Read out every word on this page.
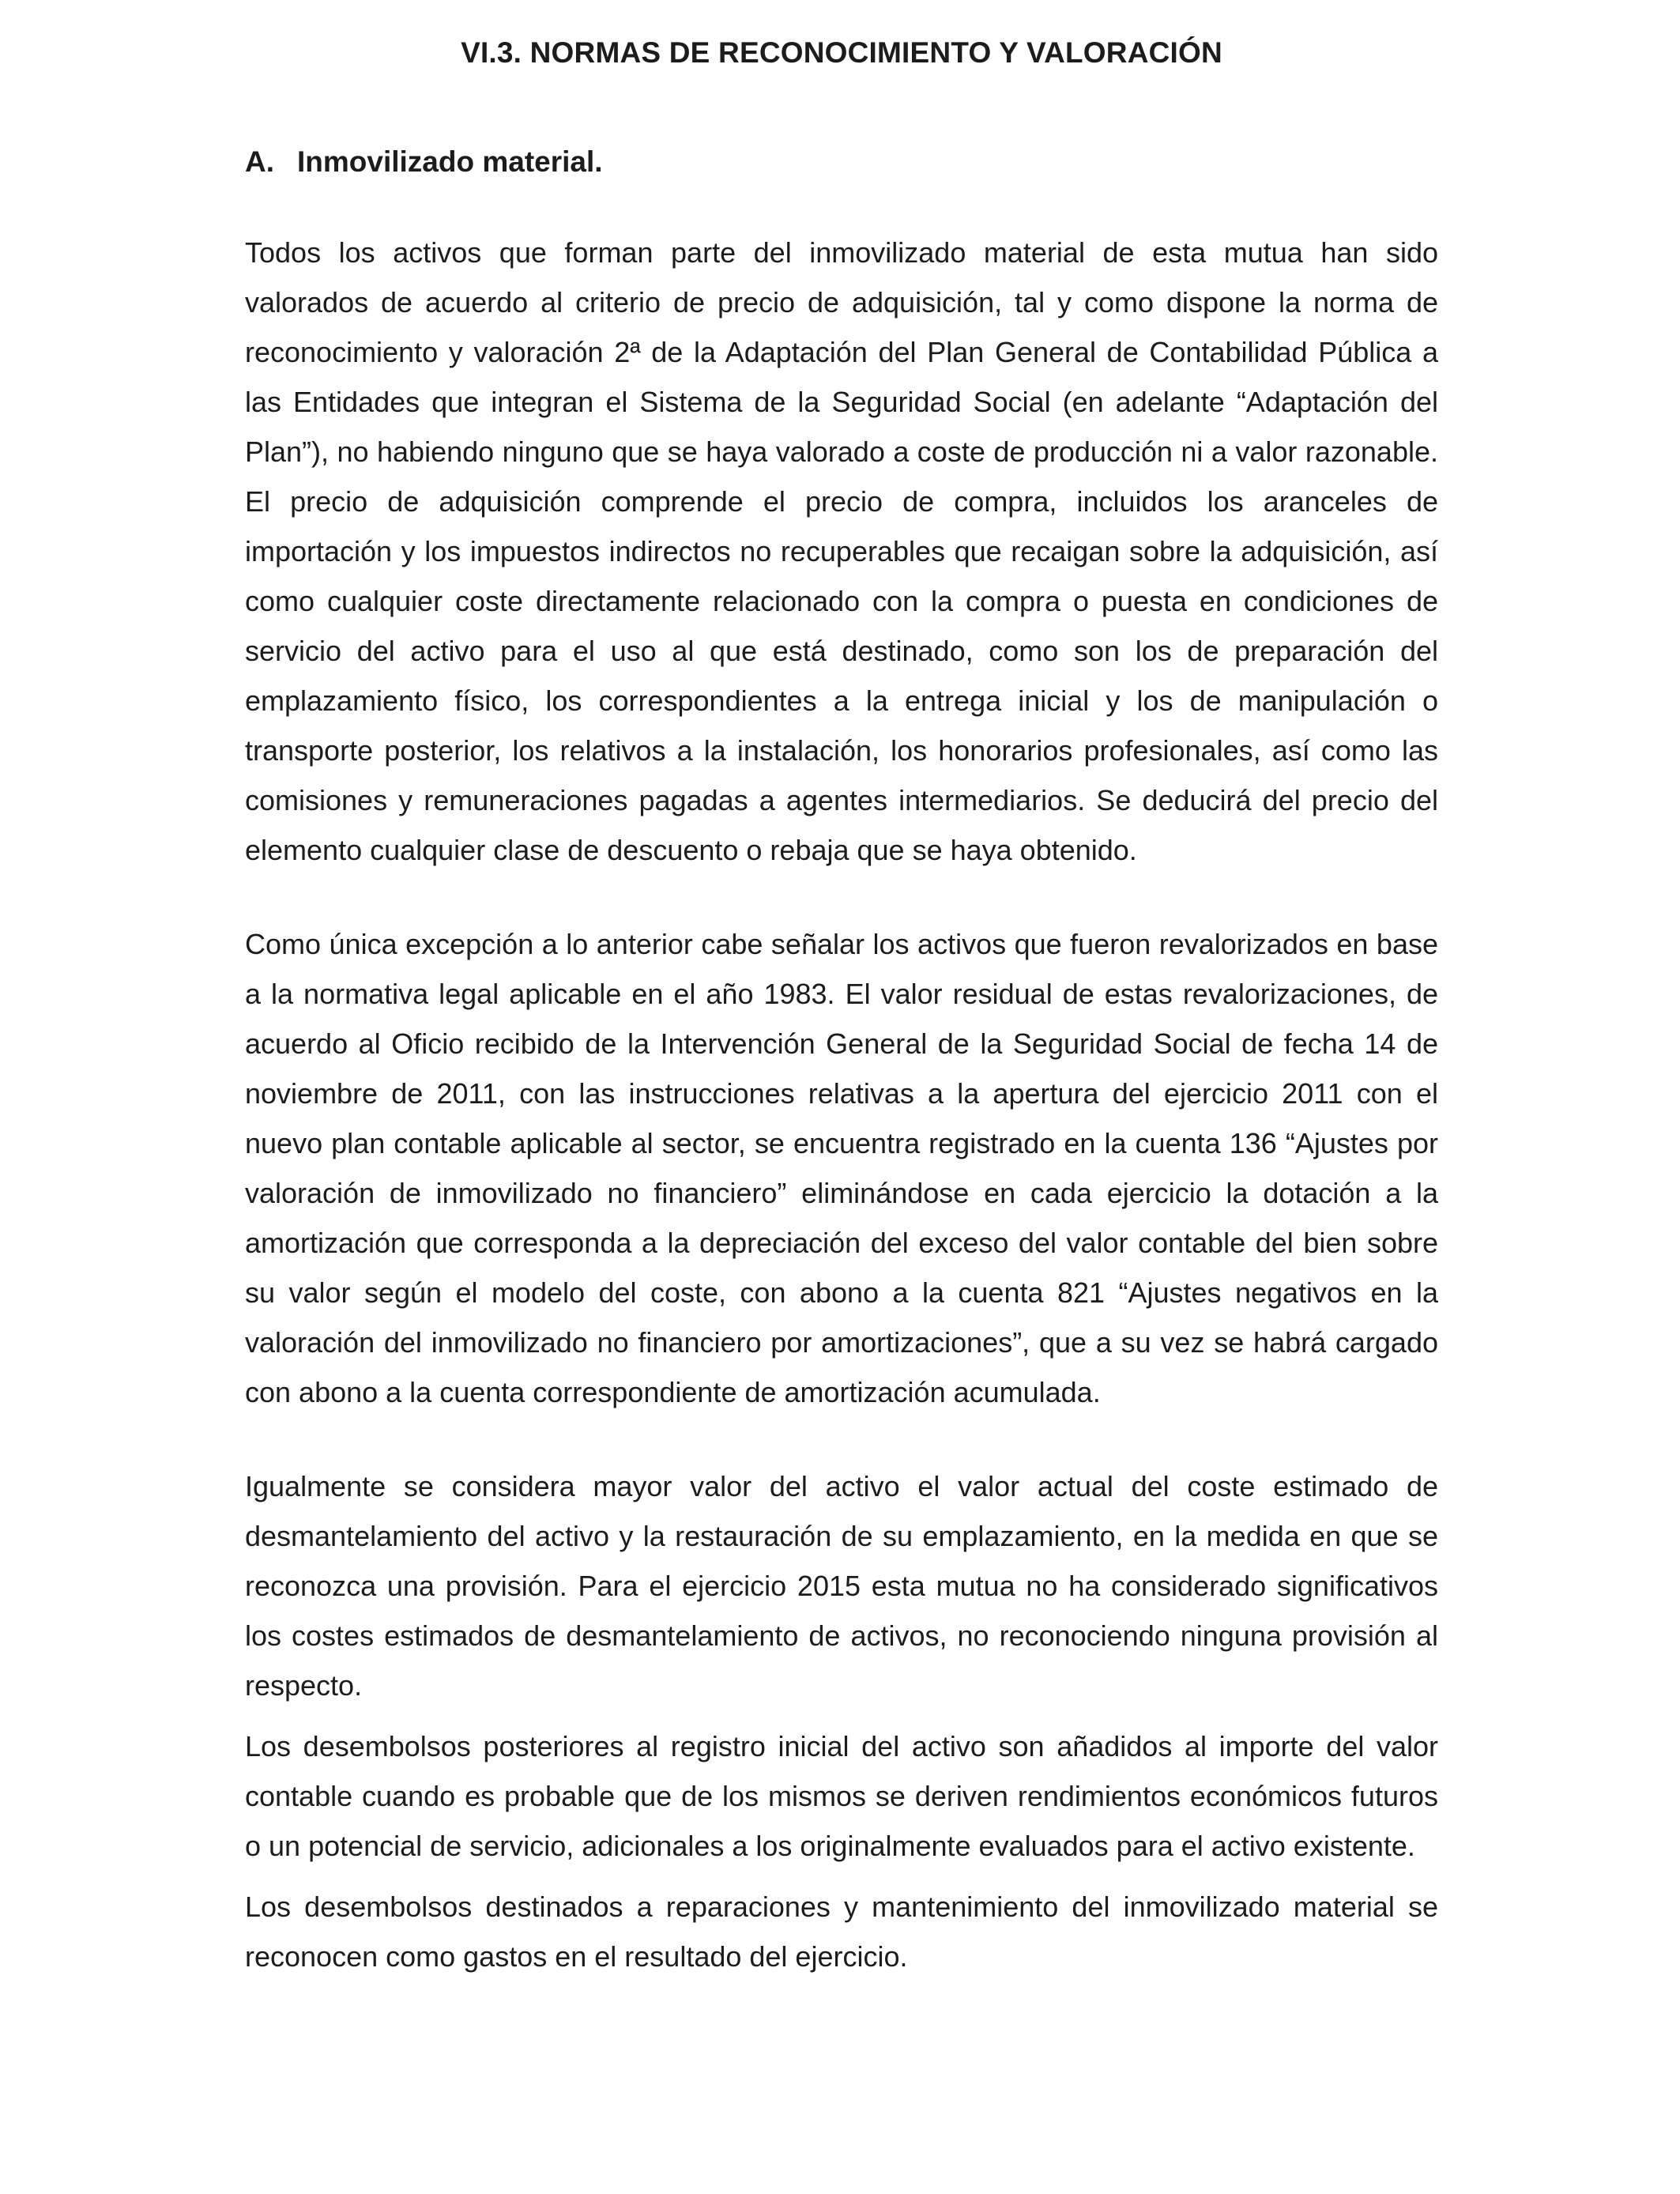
VI.3. NORMAS DE RECONOCIMIENTO Y VALORACIÓN
A. Inmovilizado material.

Todos los activos que forman parte del inmovilizado material de esta mutua han sido valorados de acuerdo al criterio de precio de adquisición, tal y como dispone la norma de reconocimiento y valoración 2ª de la Adaptación del Plan General de Contabilidad Pública a las Entidades que integran el Sistema de la Seguridad Social (en adelante “Adaptación del Plan”), no habiendo ninguno que se haya valorado a coste de producción ni a valor razonable. El precio de adquisición comprende el precio de compra, incluidos los aranceles de importación y los impuestos indirectos no recuperables que recaigan sobre la adquisición, así como cualquier coste directamente relacionado con la compra o puesta en condiciones de servicio del activo para el uso al que está destinado, como son los de preparación del emplazamiento físico, los correspondientes a la entrega inicial y los de manipulación o transporte posterior, los relativos a la instalación, los honorarios profesionales, así como las comisiones y remuneraciones pagadas a agentes intermediarios. Se deducirá del precio del elemento cualquier clase de descuento o rebaja que se haya obtenido.

Como única excepción a lo anterior cabe señalar los activos que fueron revalorizados en base a la normativa legal aplicable en el año 1983. El valor residual de estas revalorizaciones, de acuerdo al Oficio recibido de la Intervención General de la Seguridad Social de fecha 14 de noviembre de 2011, con las instrucciones relativas a la apertura del ejercicio 2011 con el nuevo plan contable aplicable al sector, se encuentra registrado en la cuenta 136 “Ajustes por valoración de inmovilizado no financiero” eliminándose en cada ejercicio la dotación a la amortización que corresponda a la depreciación del exceso del valor contable del bien sobre su valor según el modelo del coste, con abono a la cuenta 821 “Ajustes negativos en la valoración del inmovilizado no financiero por amortizaciones”, que a su vez se habrá cargado con abono a la cuenta correspondiente de amortización acumulada.

Igualmente se considera mayor valor del activo el valor actual del coste estimado de desmantelamiento del activo y la restauración de su emplazamiento, en la medida en que se reconozca una provisión. Para el ejercicio 2015 esta mutua no ha considerado significativos los costes estimados de desmantelamiento de activos, no reconociendo ninguna provisión al respecto.

Los desembolsos posteriores al registro inicial del activo son añadidos al importe del valor contable cuando es probable que de los mismos se deriven rendimientos económicos futuros o un potencial de servicio, adicionales a los originalmente evaluados para el activo existente.

Los desembolsos destinados a reparaciones y mantenimiento del inmovilizado material se reconocen como gastos en el resultado del ejercicio.
